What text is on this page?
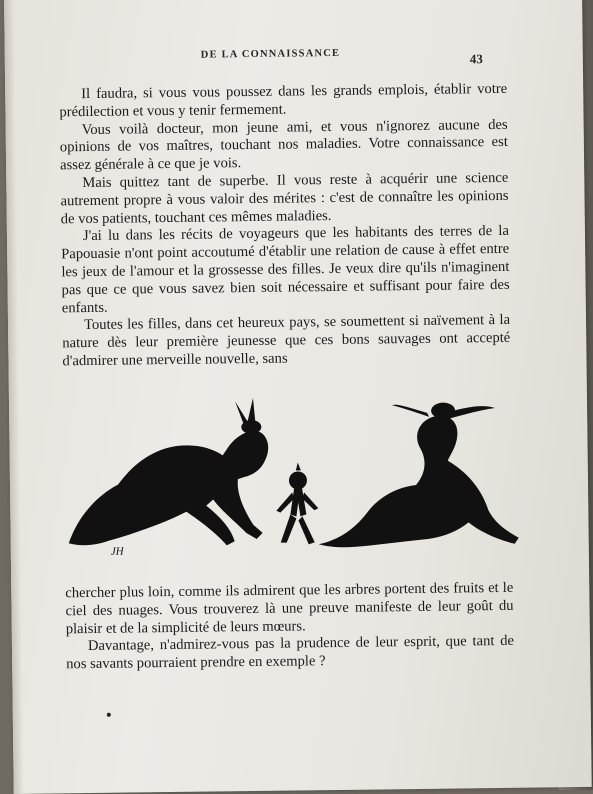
DE LA CONNAISSANCE	43

Il faudra, si vous vous poussez dans les grands emplois, établir votre prédilection et vous y tenir fermement.

Vous voilà docteur, mon jeune ami, et vous n'ignorez aucune des opinions de vos maîtres, touchant nos maladies. Votre connaissance est assez générale à ce que je vois.

Mais quittez tant de superbe. Il vous reste à acquérir une science autrement propre à vous valoir des mérites : c'est de connaître les opinions de vos patients, touchant ces mêmes maladies.

J'ai lu dans les récits de voyageurs que les habitants des terres de la Papouasie n'ont point accoutumé d'établir une relation de cause à effet entre les jeux de l'amour et la grossesse des filles. Je veux dire qu'ils n'imaginent pas que ce que vous savez bien soit nécessaire et suffisant pour faire des enfants.

Toutes les filles, dans cet heureux pays, se soumettent si naïvement à la nature dès leur première jeunesse que ces bons sauvages ont accepté d'admirer une merveille nouvelle, sans

JH

chercher plus loin, comme ils admirent que les arbres portent des fruits et le ciel des nuages. Vous trouverez là une preuve manifeste de leur goût du plaisir et de la simplicité de leurs mœurs.

Davantage, n'admirez-vous pas la prudence de leur esprit, que tant de nos savants pourraient prendre en exemple ?
